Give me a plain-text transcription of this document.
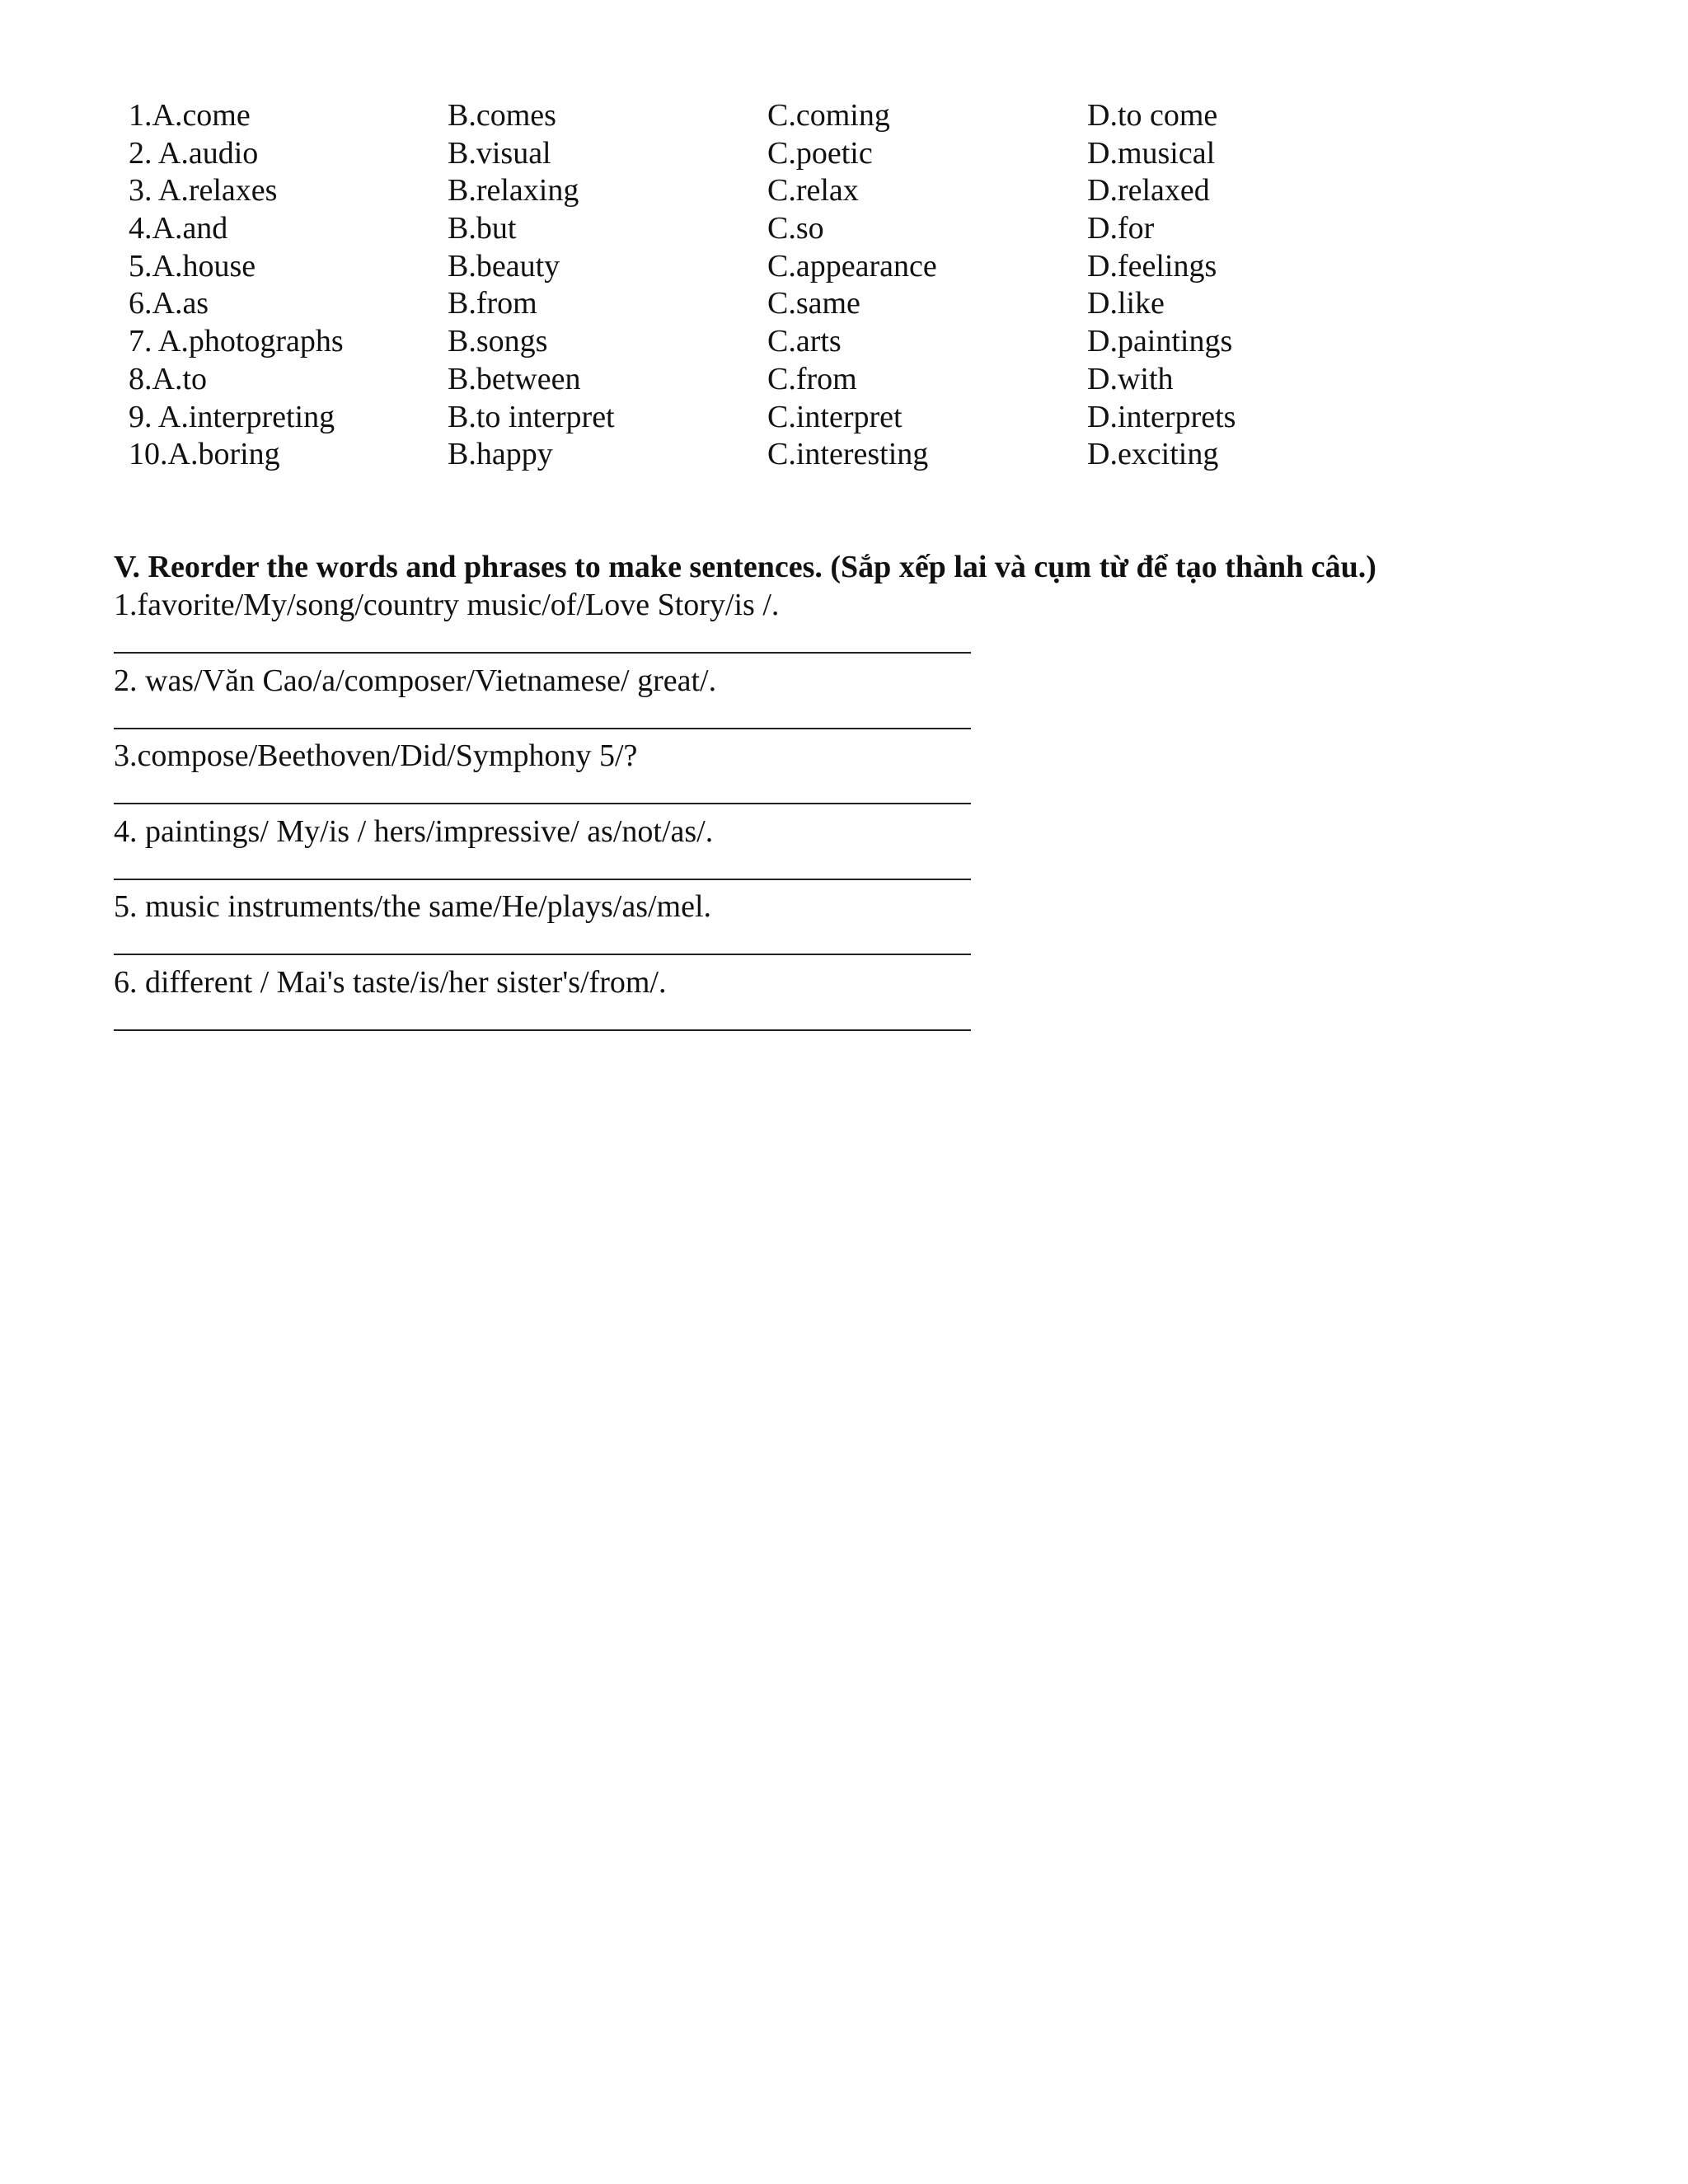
1.A.come	B.comes	C.coming	D.to come
2. A.audio	B.visual	C.poetic	D.musical
3. A.relaxes	B.relaxing	C.relax	D.relaxed
4.A.and	B.but	C.so	D.for
5.A.house	B.beauty	C.appearance	D.feelings
6.A.as	B.from	C.same	D.like
7. A.photographs	B.songs	C.arts	D.paintings
8.A.to	B.between	C.from	D.with
9. A.interpreting	B.to interpret	C.interpret	D.interprets
10.A.boring	B.happy	C.interesting	D.exciting

V. Reorder the words and phrases to make sentences. (Sắp xếp lai và cụm từ để tạo thành câu.)

1.favorite/My/song/country music/of/Love Story/is /.
2. was/Văn Cao/a/composer/Vietnamese/ great/.
3.compose/Beethoven/Did/Symphony 5/?
4. paintings/ My/is / hers/impressive/ as/not/as/.
5. music instruments/the same/He/plays/as/mel.
6. different / Mai's taste/is/her sister's/from/.
